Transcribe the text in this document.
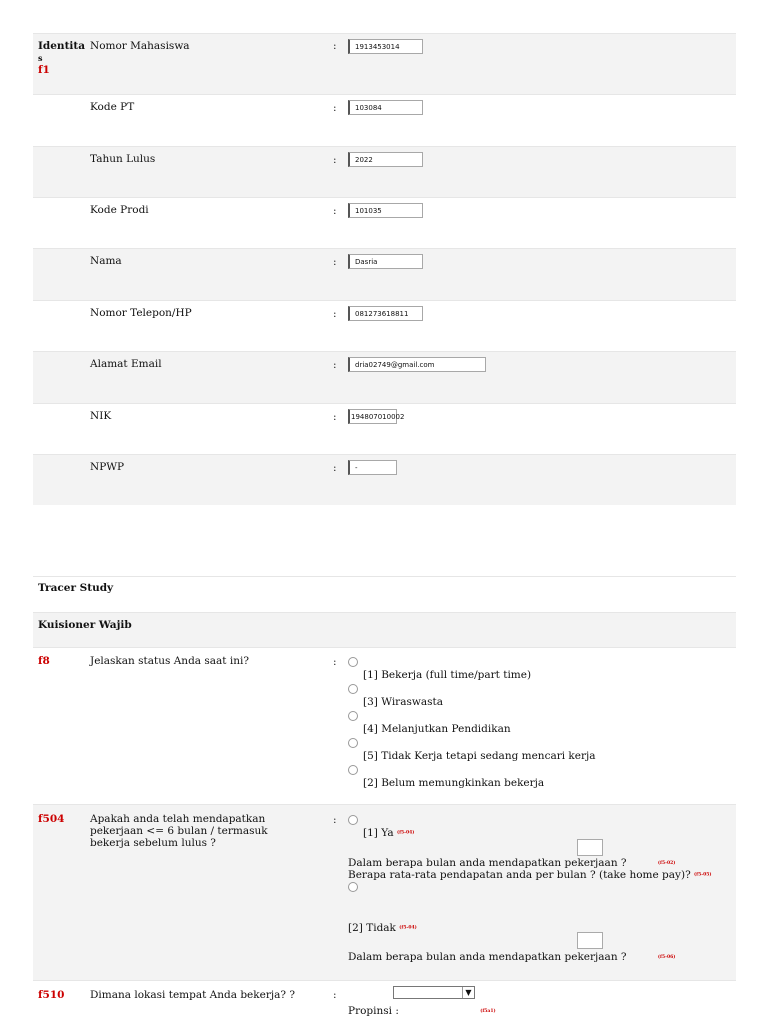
Identita
s
f1
Nomor Mahasiswa	:	1913453014
Kode PT	:	103084
Tahun Lulus	:	2022
Kode Prodi	:	101035
Nama	:	Dasria
Nomor Telepon/HP	:	081273618811
Alamat Email	:	dria02749@gmail.com
NIK	:	194807010002
NPWP	:	-
Tracer Study
Kuisioner Wajib
f8	Jelaskan status Anda saat ini?	:
[1] Bekerja (full time/part time)
[3] Wiraswasta
[4] Melanjutkan Pendidikan
[5] Tidak Kerja tetapi sedang mencari kerja
[2] Belum memungkinkan bekerja
f504 Apakah anda telah mendapatkan pekerjaan <= 6 bulan / termasuk bekerja sebelum lulus ?
:
[1] Ya (f5-04)
Dalam berapa bulan anda mendapatkan pekerjaan ?	(f5-02)
Berapa rata-rata pendapatan anda per bulan ? (take home pay)? (f5-05)
[2] Tidak (f5-04)
Dalam berapa bulan anda mendapatkan pekerjaan ?	(f5-06)
f510 Dimana lokasi tempat Anda bekerja? ?	:
Propinsi :	(f5a1)
▼
